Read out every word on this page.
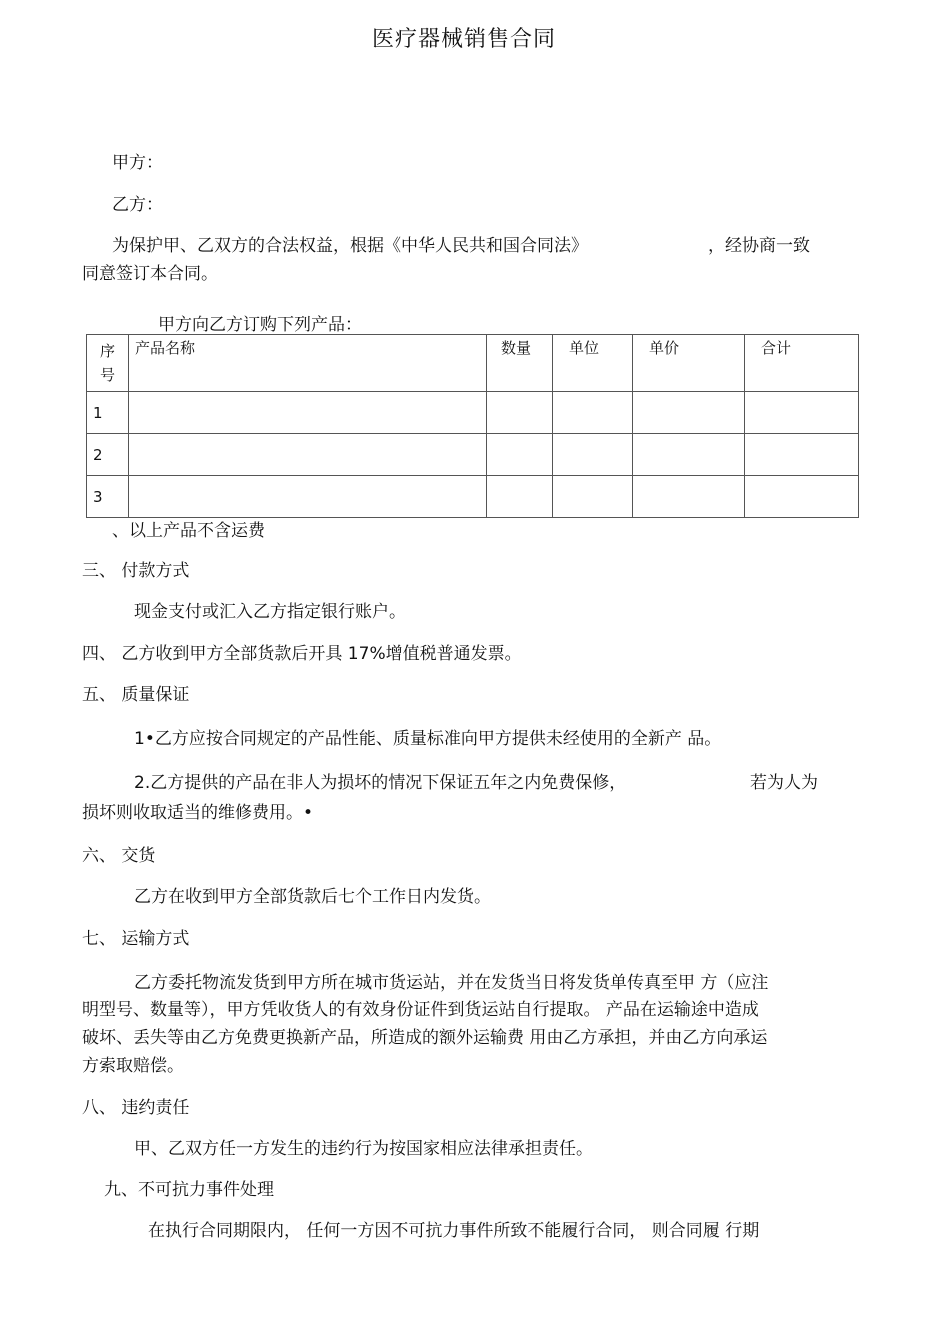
医疗器械销售合同
甲方：
乙方：
为保护甲、乙双方的合法权益，根据《中华人民共和国合同法》	，经协商一致
同意签订本合同。
甲方向乙方订购下列产品：
序
号	产品名称	数量	单位	单价	合计

1					
2					
3					
、以上产品不含运费
三、 付款方式
现金支付或汇入乙方指定银行账户。
四、 乙方收到甲方全部货款后开具 17%增值税普通发票。
五、 质量保证
1•乙方应按合同规定的产品性能、质量标准向甲方提供未经使用的全新产 品。
2.乙方提供的产品在非人为损坏的情况下保证五年之内免费保修，	若为人为
损坏则收取适当的维修费用。•
六、 交货
乙方在收到甲方全部货款后七个工作日内发货。
七、 运输方式
乙方委托物流发货到甲方所在城市货运站，并在发货当日将发货单传真至甲 方（应注
明型号、数量等），甲方凭收货人的有效身份证件到货运站自行提取。 产品在运输途中造成
破坏、丢失等由乙方免费更换新产品，所造成的额外运输费 用由乙方承担，并由乙方向承运
方索取赔偿。
八、 违约责任
甲、乙双方任一方发生的违约行为按国家相应法律承担责任。
九、不可抗力事件处理
在执行合同期限内， 任何一方因不可抗力事件所致不能履行合同， 则合同履 行期
